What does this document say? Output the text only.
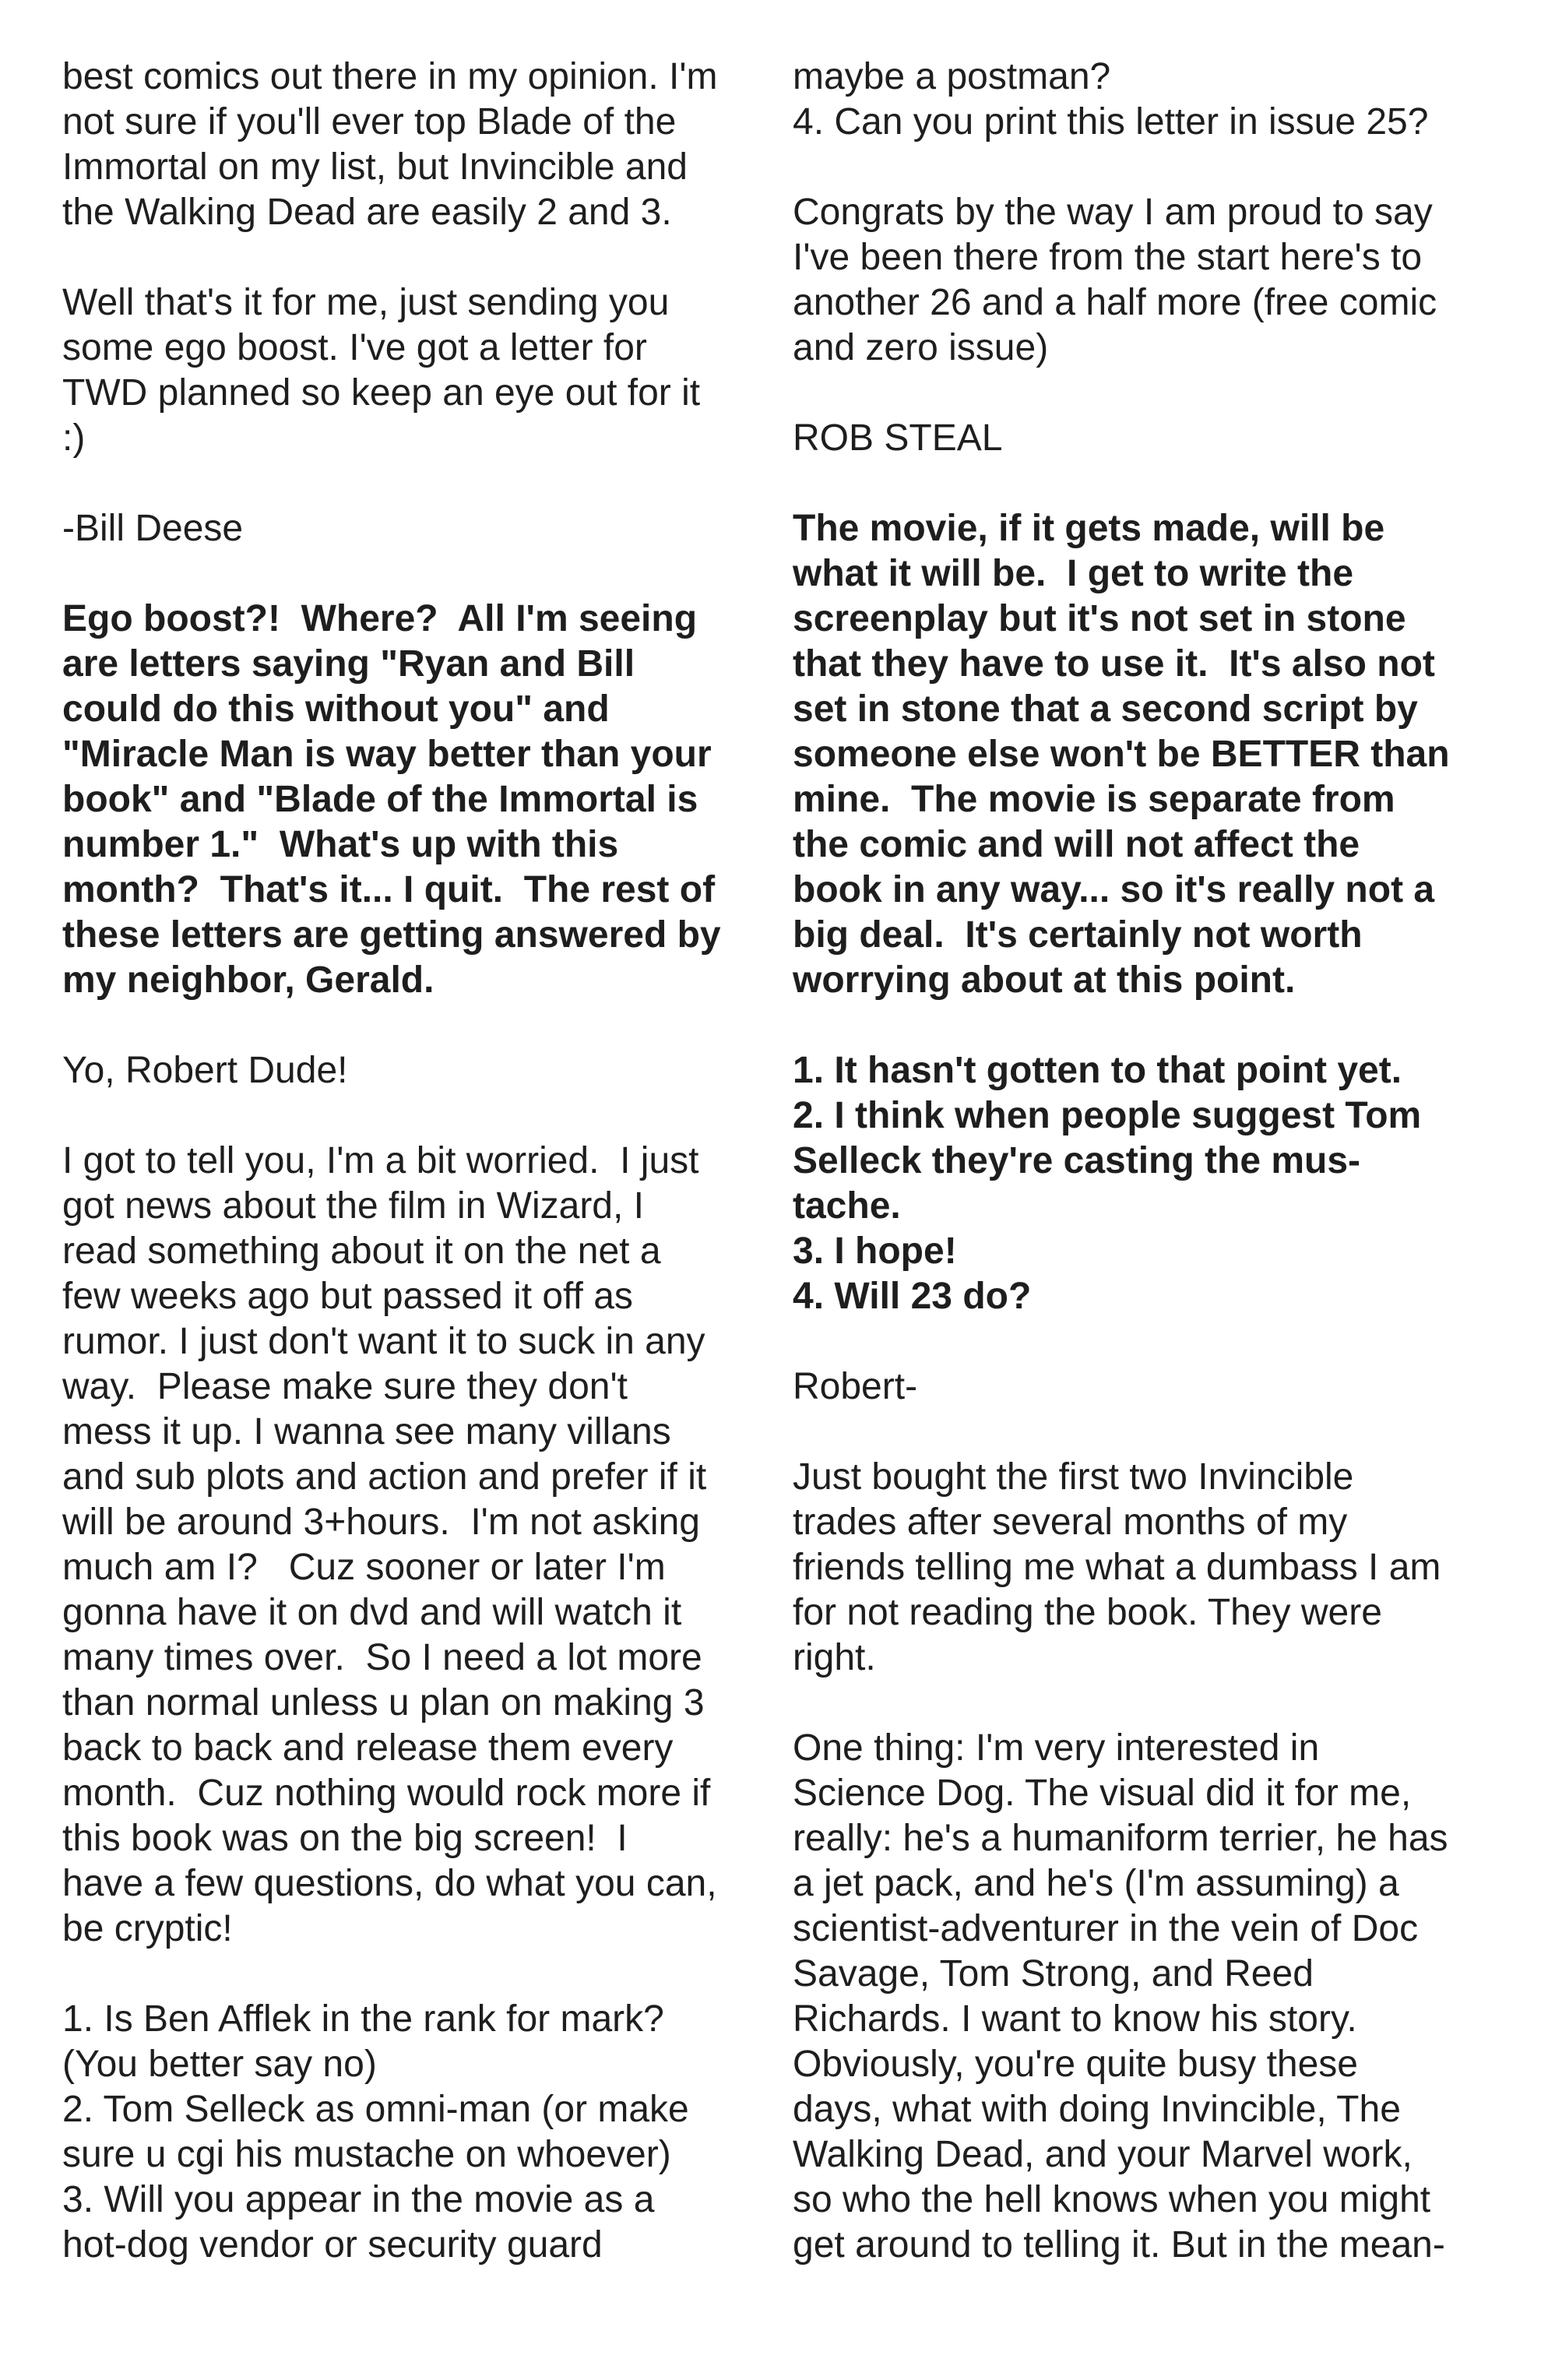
best comics out there in my opinion. I'm
not sure if you'll ever top Blade of the
Immortal on my list, but Invincible and
the Walking Dead are easily 2 and 3.
Well that's it for me, just sending you
some ego boost. I've got a letter for
TWD planned so keep an eye out for it
:)
-Bill Deese
Ego boost?!  Where?  All I'm seeing
are letters saying "Ryan and Bill
could do this without you" and
"Miracle Man is way better than your
book" and "Blade of the Immortal is
number 1."  What's up with this
month?  That's it... I quit.  The rest of
these letters are getting answered by
my neighbor, Gerald.
Yo, Robert Dude!
I got to tell you, I'm a bit worried.  I just
got news about the film in Wizard, I
read something about it on the net a
few weeks ago but passed it off as
rumor. I just don't want it to suck in any
way.  Please make sure they don't
mess it up. I wanna see many villans
and sub plots and action and prefer if it
will be around 3+hours.  I'm not asking
much am I?   Cuz sooner or later I'm
gonna have it on dvd and will watch it
many times over.  So I need a lot more
than normal unless u plan on making 3
back to back and release them every
month.  Cuz nothing would rock more if
this book was on the big screen!  I
have a few questions, do what you can,
be cryptic!
1. Is Ben Afflek in the rank for mark?
(You better say no)
2. Tom Selleck as omni-man (or make
sure u cgi his mustache on whoever)
3. Will you appear in the movie as a
hot-dog vendor or security guard
maybe a postman?
4. Can you print this letter in issue 25?
Congrats by the way I am proud to say
I've been there from the start here's to
another 26 and a half more (free comic
and zero issue)
ROB STEAL
The movie, if it gets made, will be
what it will be.  I get to write the
screenplay but it's not set in stone
that they have to use it.  It's also not
set in stone that a second script by
someone else won't be BETTER than
mine.  The movie is separate from
the comic and will not affect the
book in any way... so it's really not a
big deal.  It's certainly not worth
worrying about at this point.
1. It hasn't gotten to that point yet.
2. I think when people suggest Tom
Selleck they're casting the mus-
tache.
3. I hope!
4. Will 23 do?
Robert-
Just bought the first two Invincible
trades after several months of my
friends telling me what a dumbass I am
for not reading the book. They were
right.
One thing: I'm very interested in
Science Dog. The visual did it for me,
really: he's a humaniform terrier, he has
a jet pack, and he's (I'm assuming) a
scientist-adventurer in the vein of Doc
Savage, Tom Strong, and Reed
Richards. I want to know his story.
Obviously, you're quite busy these
days, what with doing Invincible, The
Walking Dead, and your Marvel work,
so who the hell knows when you might
get around to telling it. But in the mean-
